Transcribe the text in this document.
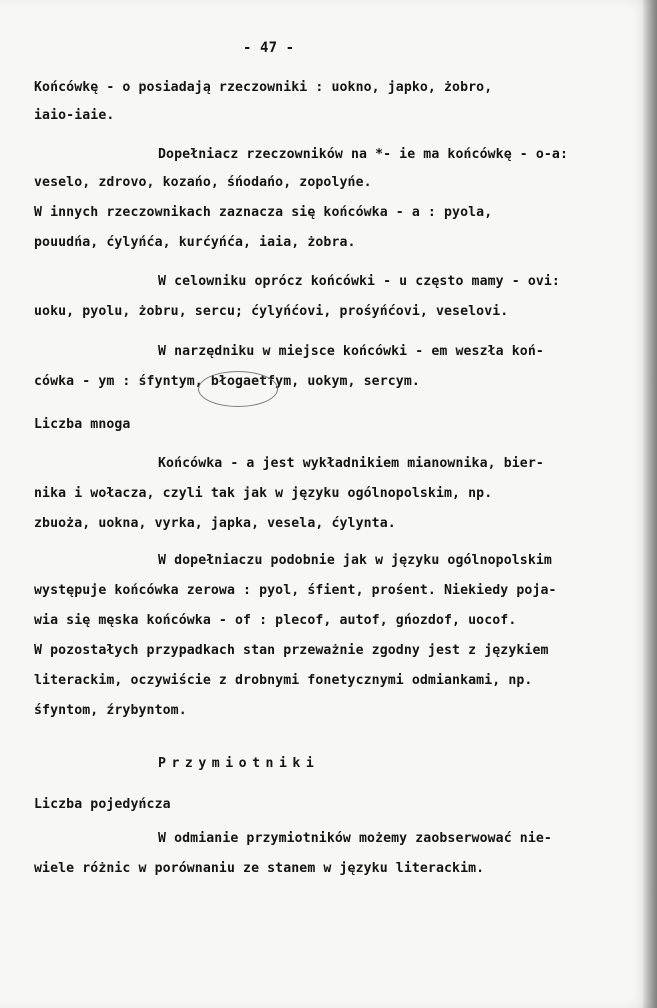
- 47 -
Końcówkę - o posiadają rzeczowniki : uokno, japko, żobro,
iaio-iaie.
Dopełniacz rzeczowników na *- ie ma końcówkę - o-a:
veselo, zdrovo, kozańo, śńodańo, zopolyńe.
W innych rzeczownikach zaznacza się końcówka - a : pyola,
pouudńa, ćylyńća, kurćyńća, iaia, żobra.
W celowniku oprócz końcówki - u często mamy - ovi:
uoku, pyolu, żobru, sercu; ćylyńćovi, prośyńćovi, veselovi.
W narzędniku w miejsce końcówki - em weszła koń-
cówka - ym : śfyntym, błogaetfym, uokym, sercym.
Liczba mnoga
Końcówka - a jest wykładnikiem mianownika, bier-
nika i wołacza, czyli tak jak w języku ogólnopolskim, np.
zbuoża, uokna, vyrka, japka, vesela, ćylynta.
W dopełniaczu podobnie jak w języku ogólnopolskim
występuje końcówka zerowa : pyol, śfient, prośent. Niekiedy poja-
wia się męska końcówka - of : plecof, autof, gńozdof, uocof.
W pozostałych przypadkach stan przeważnie zgodny jest z językiem
literackim, oczywiście z drobnymi fonetycznymi odmiankami, np.
śfyntom, źrybyntom.
Przymiotniki
Liczba pojedyńcza
W odmianie przymiotników możemy zaobserwować nie-
wiele różnic w porównaniu ze stanem w języku literackim.
